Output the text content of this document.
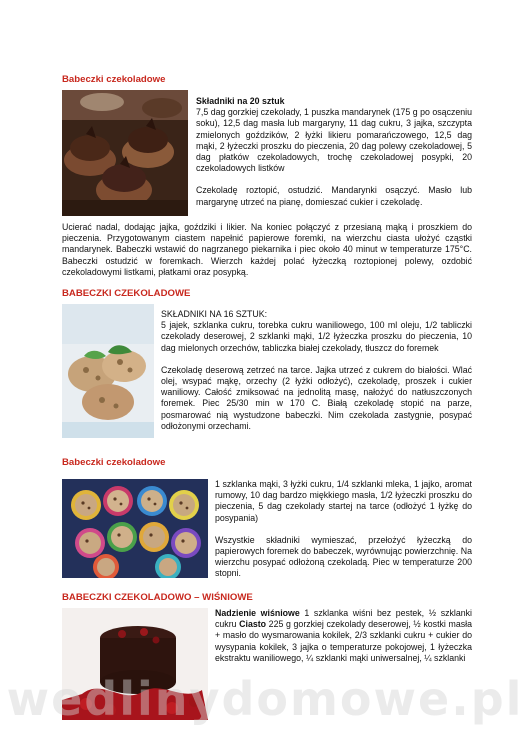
Babeczki czekoladowe

Składniki na 20 sztuk

7,5 dag gorzkiej czekolady, 1 puszka mandarynek (175 g po osączeniu soku), 12,5 dag masła lub margaryny, 11 dag cukru, 3 jajka, szczypta zmielonych goździków, 2 łyżki likieru pomarańczowego, 12,5 dag mąki, 2 łyżeczki proszku do pieczenia, 20 dag polewy czekoladowej, 5 dag płatków czekoladowych, trochę czekoladowej posypki, 20 czekoladowych listków

Czekoladę roztopić, ostudzić. Mandarynki osączyć. Masło lub margarynę utrzeć na pianę, domieszać cukier i czekoladę.

Ucierać nadal, dodając jajka, goździki i likier. Na koniec połączyć z przesianą mąką i proszkiem do pieczenia. Przygotowanym ciastem napełnić papierowe foremki, na wierzchu ciasta ułożyć cząstki mandarynek. Babeczki wstawić do nagrzanego piekarnika i piec około 40 minut w temperaturze 175°C. Babeczki ostudzić w foremkach. Wierzch każdej polać łyżeczką roztopionej polewy, ozdobić czekoladowymi listkami, płatkami oraz posypką.
BABECZKI CZEKOLADOWE

SKŁADNIKI NA 16 SZTUK:

5 jajek, szklanka cukru, torebka cukru waniliowego, 100 ml oleju, 1/2 tabliczki czekolady deserowej, 2 szklanki mąki, 1/2 łyżeczka proszku do pieczenia, 10 dag mielonych orzechów, tabliczka białej czekolady, tłuszcz do foremek

Czekoladę deserową zetrzeć na tarce. Jajka utrzeć z cukrem do białości. Wlać olej, wsypać mąkę, orzechy (2 łyżki odłożyć), czekoladę, proszek i cukier waniliowy. Całość zmiksować na jednolitą masę, nałożyć do natłuszczonych foremek. Piec 25/30 min w 170 C. Białą czekoladę stopić na parze, posmarować nią wystudzone babeczki. Nim czekolada zastygnie, posypać odłożonymi orzechami.

Babeczki czekoladowe

1 szklanka mąki, 3 łyżki cukru, 1/4 szklanki mleka, 1 jajko, aromat rumowy, 10 dag bardzo miękkiego masła, 1/2 łyżeczki proszku do pieczenia, 5 dag czekolady startej na tarce (odłożyć 1 łyżkę do posypania)

Wszystkie składniki wymieszać, przełożyć łyżeczką do papierowych foremek do babeczek, wyrównując powierzchnię. Na wierzchu posypać odłożoną czekoladą. Piec w temperaturze 200 stopni.

BABECZKI CZEKOLADOWO – WIŚNIOWE

Nadzienie wiśniowe 1 szklanka wiśni bez pestek, ½ szklanki cukru Ciasto 225 g gorzkiej czekolady deserowej, ½ kostki masła + masło do wysmarowania kokilek, 2/3 szklanki cukru + cukier do wysypania kokilek, 3 jajka o temperaturze pokojowej, 1 łyżeczka ekstraktu waniliowego, ¼ szklanki mąki uniwersalnej, ¼ szklanki

wedlinydomowe.pl
